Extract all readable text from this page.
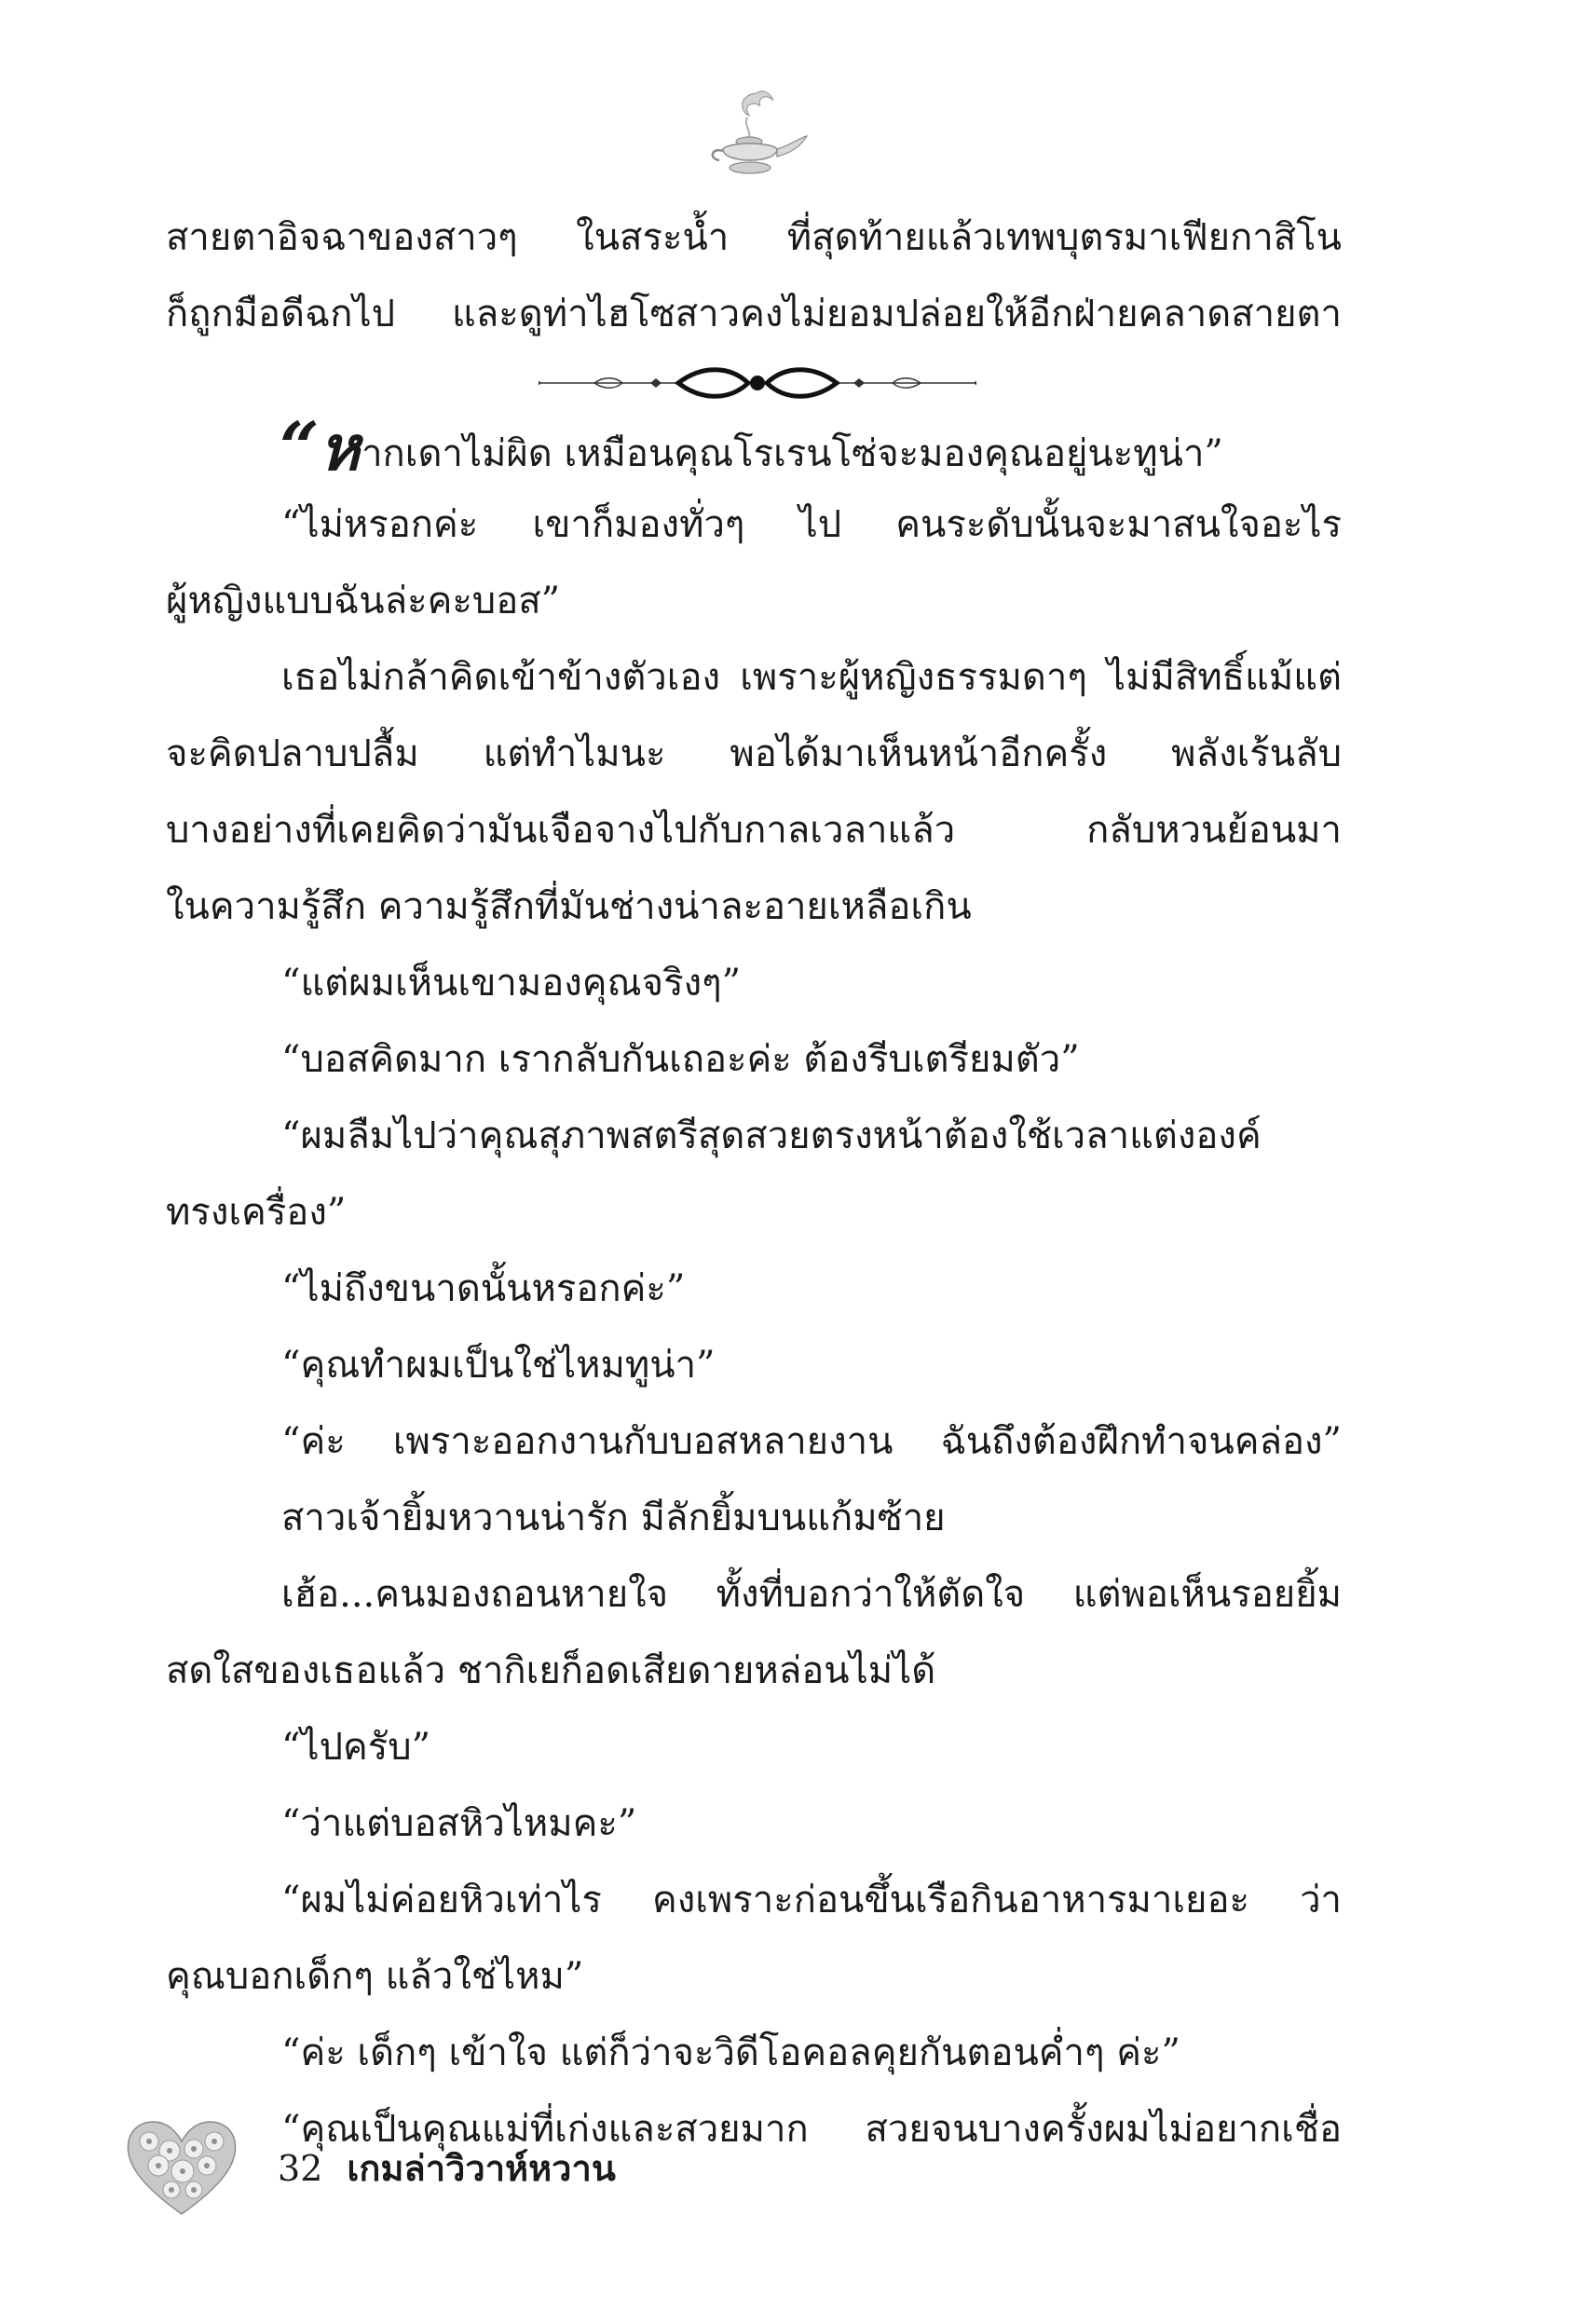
สายตาอิจฉาของสาวๆ ในสระน้ำ ที่สุดท้ายแล้วเทพบุตรมาเฟียกาสิโน
ก็ถูกมือดีฉกไป และดูท่าไฮโซสาวคงไม่ยอมปล่อยให้อีกฝ่ายคลาดสายตา
“หากเดาไม่ผิด เหมือนคุณโรเรนโซ่จะมองคุณอยู่นะทูน่า”
“ไม่หรอกค่ะ เขาก็มองทั่วๆ ไป คนระดับนั้นจะมาสนใจอะไร
ผู้หญิงแบบฉันล่ะคะบอส”
เธอไม่กล้าคิดเข้าข้างตัวเอง เพราะผู้หญิงธรรมดาๆ ไม่มีสิทธิ์แม้แต่
จะคิดปลาบปลื้ม แต่ทำไมนะ พอได้มาเห็นหน้าอีกครั้ง พลังเร้นลับ
บางอย่างที่เคยคิดว่ามันเจือจางไปกับกาลเวลาแล้ว กลับหวนย้อนมา
ในความรู้สึก ความรู้สึกที่มันช่างน่าละอายเหลือเกิน
“แต่ผมเห็นเขามองคุณจริงๆ”
“บอสคิดมาก เรากลับกันเถอะค่ะ ต้องรีบเตรียมตัว”
“ผมลืมไปว่าคุณสุภาพสตรีสุดสวยตรงหน้าต้องใช้เวลาแต่งองค์
ทรงเครื่อง”
“ไม่ถึงขนาดนั้นหรอกค่ะ”
“คุณทำผมเป็นใช่ไหมทูน่า”
“ค่ะ เพราะออกงานกับบอสหลายงาน ฉันถึงต้องฝึกทำจนคล่อง”
สาวเจ้ายิ้มหวานน่ารัก มีลักยิ้มบนแก้มซ้าย
เฮ้อ...คนมองถอนหายใจ ทั้งที่บอกว่าให้ตัดใจ แต่พอเห็นรอยยิ้ม
สดใสของเธอแล้ว ชากิเยก็อดเสียดายหล่อนไม่ได้
“ไปครับ”
“ว่าแต่บอสหิวไหมคะ”
“ผมไม่ค่อยหิวเท่าไร คงเพราะก่อนขึ้นเรือกินอาหารมาเยอะ ว่า
คุณบอกเด็กๆ แล้วใช่ไหม”
“ค่ะ เด็กๆ เข้าใจ แต่ก็ว่าจะวิดีโอคอลคุยกันตอนค่ำๆ ค่ะ”
“คุณเป็นคุณแม่ที่เก่งและสวยมาก สวยจนบางครั้งผมไม่อยากเชื่อ
32 เกมล่าวิวาห์หวาน
